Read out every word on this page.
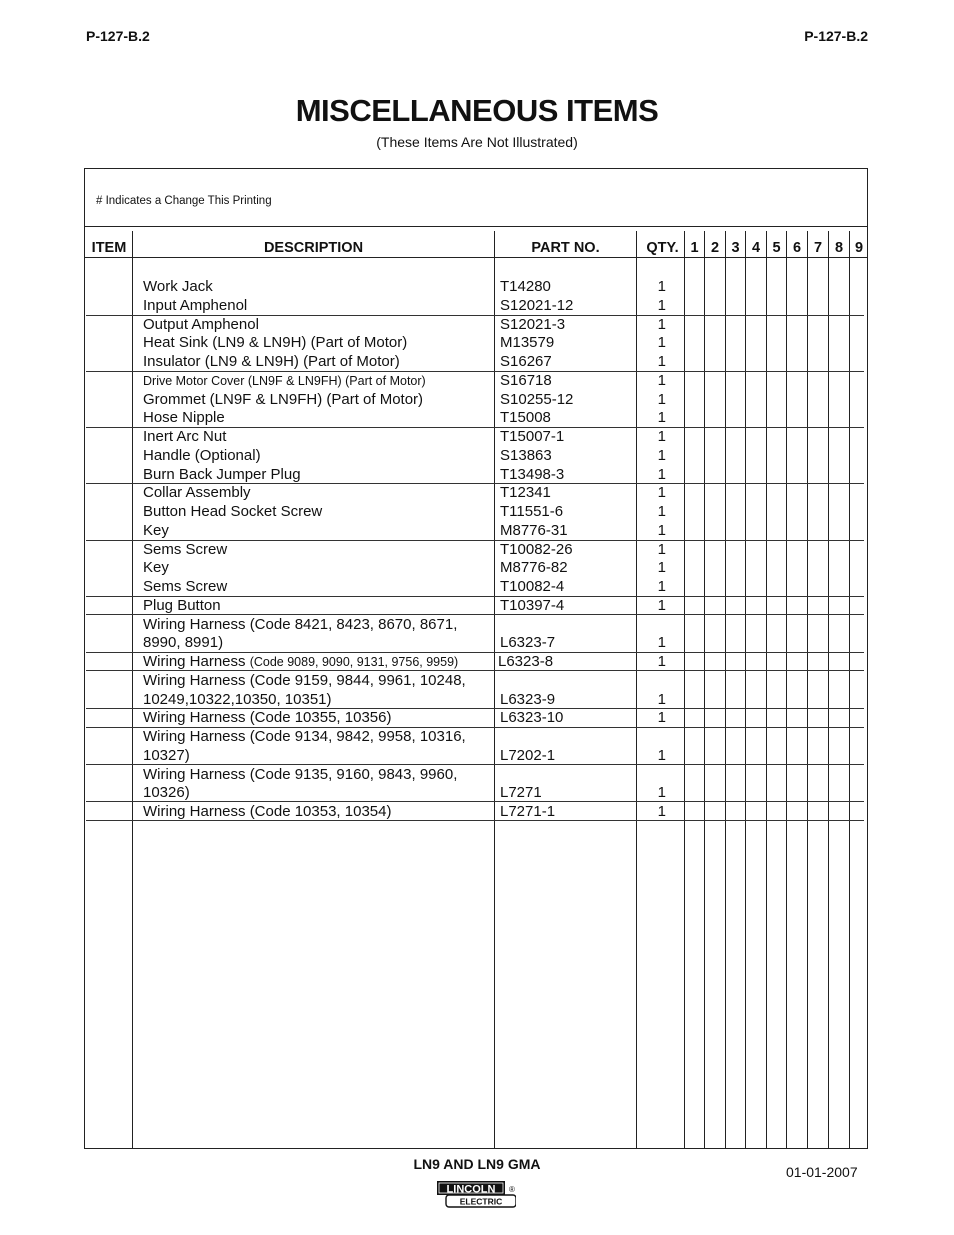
P-127-B.2	P-127-B.2
MISCELLANEOUS ITEMS
(These Items Are Not Illustrated)
# Indicates a Change This Printing
ITEM	DESCRIPTION	PART NO.	QTY. 1 2 3 4 5 6 7 8 9
Work Jack	T14280	1
Input Amphenol	S12021-12	1
Output Amphenol	S12021-3	1
Heat Sink (LN9 & LN9H) (Part of Motor)	M13579	1
Insulator (LN9 & LN9H) (Part of Motor)	S16267	1
Drive Motor Cover (LN9F & LN9FH) (Part of Motor)	S16718	1
Grommet (LN9F & LN9FH) (Part of Motor)	S10255-12	1
Hose Nipple	T15008	1
Inert Arc Nut	T15007-1	1
Handle (Optional)	S13863	1
Burn Back Jumper Plug	T13498-3	1
Collar Assembly	T12341	1
Button Head Socket Screw	T11551-6	1
Key	M8776-31	1
Sems Screw	T10082-26	1
Key	M8776-82	1
Sems Screw	T10082-4	1
Plug Button	T10397-4	1
Wiring Harness (Code 8421, 8423, 8670, 8671,
8990, 8991)	L6323-7	1
Wiring Harness (Code 9089, 9090, 9131, 9756, 9959)	L6323-8	1
Wiring Harness (Code 9159, 9844, 9961, 10248,
10249,10322,10350, 10351)	L6323-9	1
Wiring Harness (Code 10355, 10356)	L6323-10	1
Wiring Harness (Code 9134, 9842, 9958, 10316,
10327)	L7202-1	1
Wiring Harness (Code 9135, 9160, 9843, 9960,
10326)	L7271	1
Wiring Harness (Code 10353, 10354)	L7271-1	1
LN9 AND LN9 GMA	01-01-2007
LINCOLN
ELECTRIC
®
